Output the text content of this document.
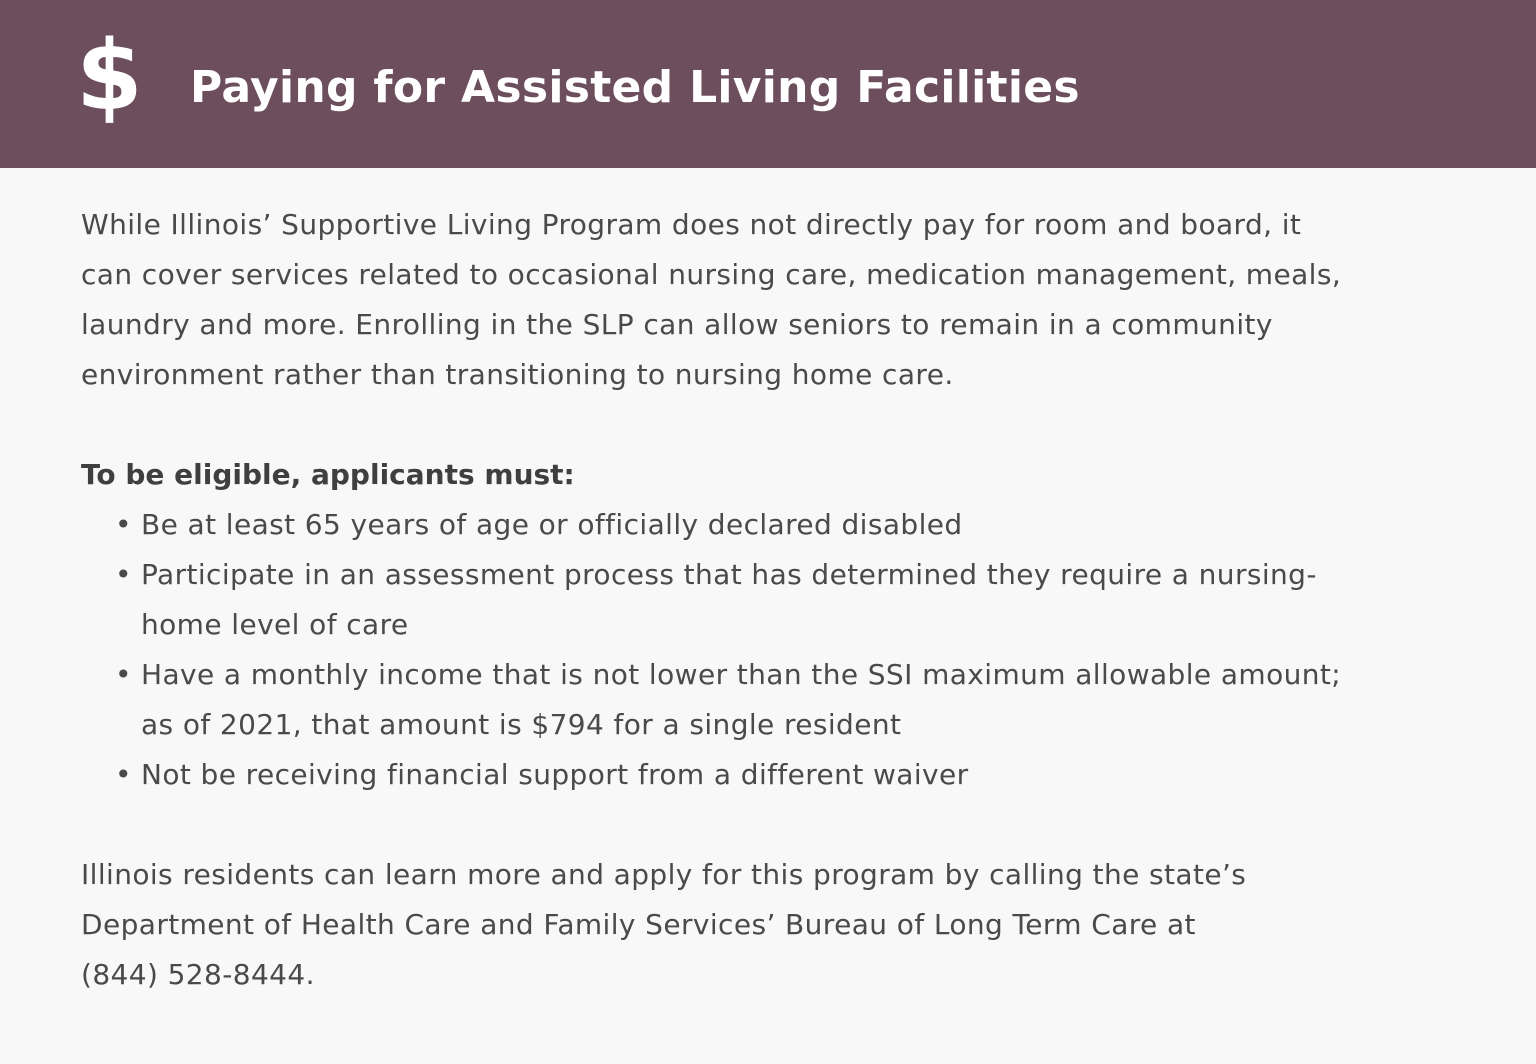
$ Paying for Assisted Living Facilities
While Illinois’ Supportive Living Program does not directly pay for room and board, it
can cover services related to occasional nursing care, medication management, meals,
laundry and more. Enrolling in the SLP can allow seniors to remain in a community
environment rather than transitioning to nursing home care.
To be eligible, applicants must:
• Be at least 65 years of age or officially declared disabled
• Participate in an assessment process that has determined they require a nursing-
home level of care
• Have a monthly income that is not lower than the SSI maximum allowable amount;
as of 2021, that amount is $794 for a single resident
• Not be receiving financial support from a different waiver
Illinois residents can learn more and apply for this program by calling the state’s
Department of Health Care and Family Services’ Bureau of Long Term Care at
(844) 528-8444.
